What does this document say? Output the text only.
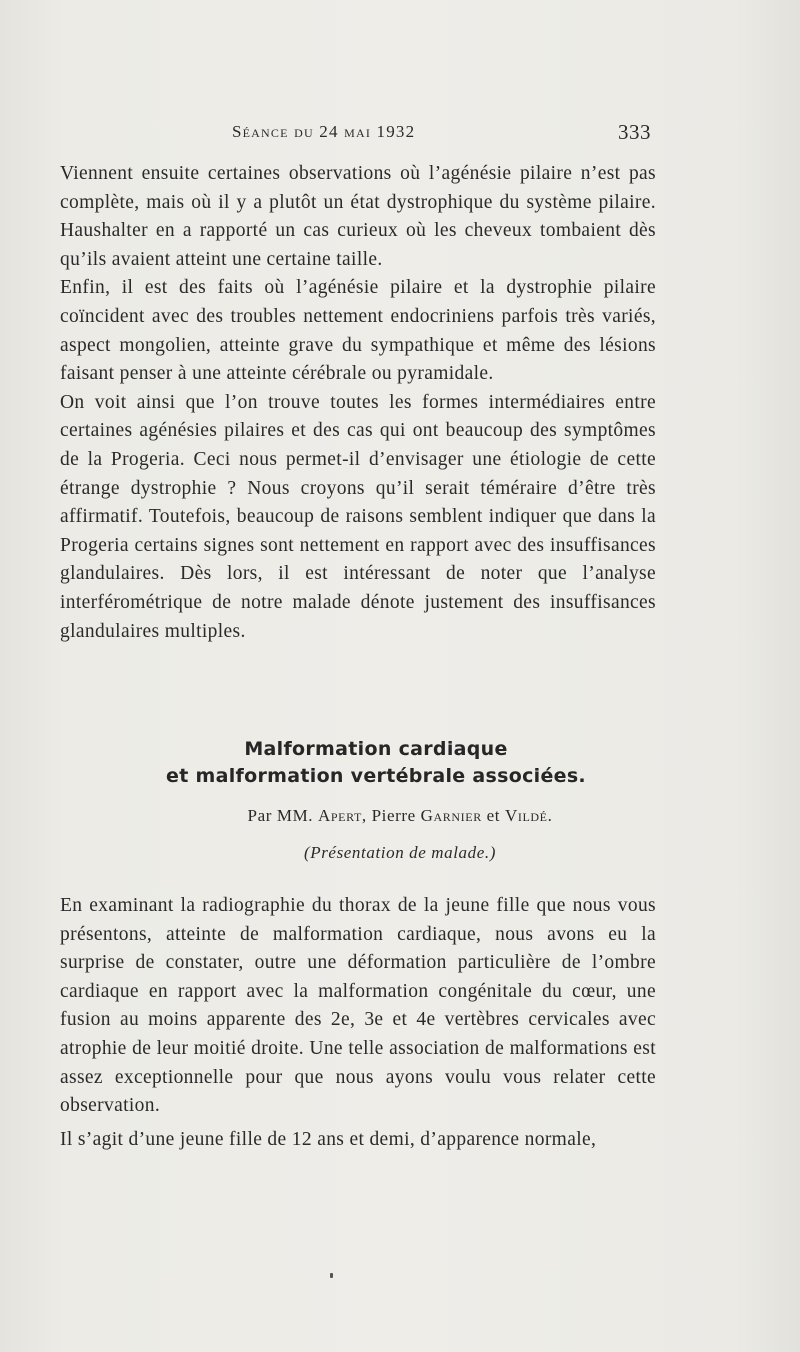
Séance du 24 mai 1932	333

Viennent ensuite certaines observations où l’agénésie pilaire n’est pas complète, mais où il y a plutôt un état dystrophique du système pilaire. Haushalter en a rapporté un cas curieux où les cheveux tombaient dès qu’ils avaient atteint une certaine taille.

Enfin, il est des faits où l’agénésie pilaire et la dystrophie pilaire coïncident avec des troubles nettement endocriniens parfois très variés, aspect mongolien, atteinte grave du sympathique et même des lésions faisant penser à une atteinte cérébrale ou pyramidale.

On voit ainsi que l’on trouve toutes les formes intermédiaires entre certaines agénésies pilaires et des cas qui ont beaucoup des symptômes de la Progeria. Ceci nous permet-il d’envisager une étiologie de cette étrange dystrophie ? Nous croyons qu’il serait téméraire d’être très affirmatif. Toutefois, beaucoup de raisons semblent indiquer que dans la Progeria certains signes sont nettement en rapport avec des insuffisances glandulaires. Dès lors, il est intéressant de noter que l’analyse interférométrique de notre malade dénote justement des insuffisances glandulaires multiples.

Malformation cardiaque
et malformation vertébrale associées.
Par MM. Apert, Pierre Garnier et Vildé.
(Présentation de malade.)

En examinant la radiographie du thorax de la jeune fille que nous vous présentons, atteinte de malformation cardiaque, nous avons eu la surprise de constater, outre une déformation particulière de l’ombre cardiaque en rapport avec la malformation congénitale du cœur, une fusion au moins apparente des 2e, 3e et 4e vertèbres cervicales avec atrophie de leur moitié droite. Une telle association de malformations est assez exceptionnelle pour que nous ayons voulu vous relater cette observation.

Il s’agit d’une jeune fille de 12 ans et demi, d’apparence normale,
